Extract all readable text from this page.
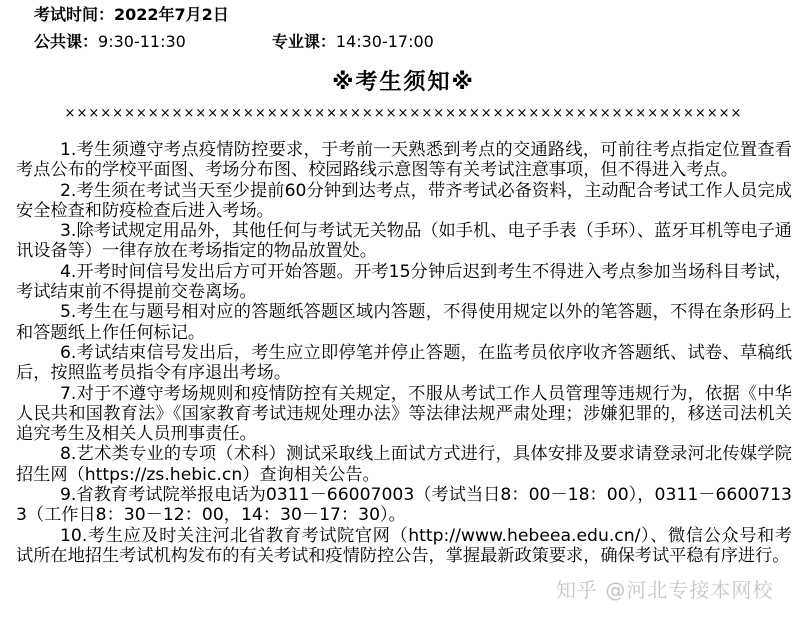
考试时间：2022年7月2日
公共课：9:30-11:30	专业课：14:30-17:00
※考生须知※
×××××××××××××××××××××××××××××××××××××××××××××××××××××××××

1.考生须遵守考点疫情防控要求，于考前一天熟悉到考点的交通路线，可前往考点指定位置查看考点公布的学校平面图、考场分布图、校园路线示意图等有关考试注意事项，但不得进入考点。

2.考生须在考试当天至少提前60分钟到达考点，带齐考试必备资料，主动配合考试工作人员完成安全检查和防疫检查后进入考场。

3.除考试规定用品外，其他任何与考试无关物品（如手机、电子手表（手环）、蓝牙耳机等电子通讯设备等）一律存放在考场指定的物品放置处。

4.开考时间信号发出后方可开始答题。开考15分钟后迟到考生不得进入考点参加当场科目考试，考试结束前不得提前交卷离场。

5.考生在与题号相对应的答题纸答题区域内答题，不得使用规定以外的笔答题，不得在条形码上和答题纸上作任何标记。

6.考试结束信号发出后，考生应立即停笔并停止答题，在监考员依序收齐答题纸、试卷、草稿纸后，按照监考员指令有序退出考场。

7.对于不遵守考场规则和疫情防控有关规定，不服从考试工作人员管理等违规行为，依据《中华人民共和国教育法》《国家教育考试违规处理办法》等法律法规严肃处理；涉嫌犯罪的，移送司法机关追究考生及相关人员刑事责任。

8.艺术类专业的专项（术科）测试采取线上面试方式进行，具体安排及要求请登录河北传媒学院招生网（https://zs.hebic.cn）查询相关公告。

9.省教育考试院举报电话为0311－66007003（考试当日8：00－18：00），0311－66007133（工作日8：30－12：00，14：30－17：30）。

10.考生应及时关注河北省教育考试院官网（http://www.hebeea.edu.cn/）、微信公众号和考试所在地招生考试机构发布的有关考试和疫情防控公告，掌握最新政策要求，确保考试平稳有序进行。

知乎 @河北专接本网校
